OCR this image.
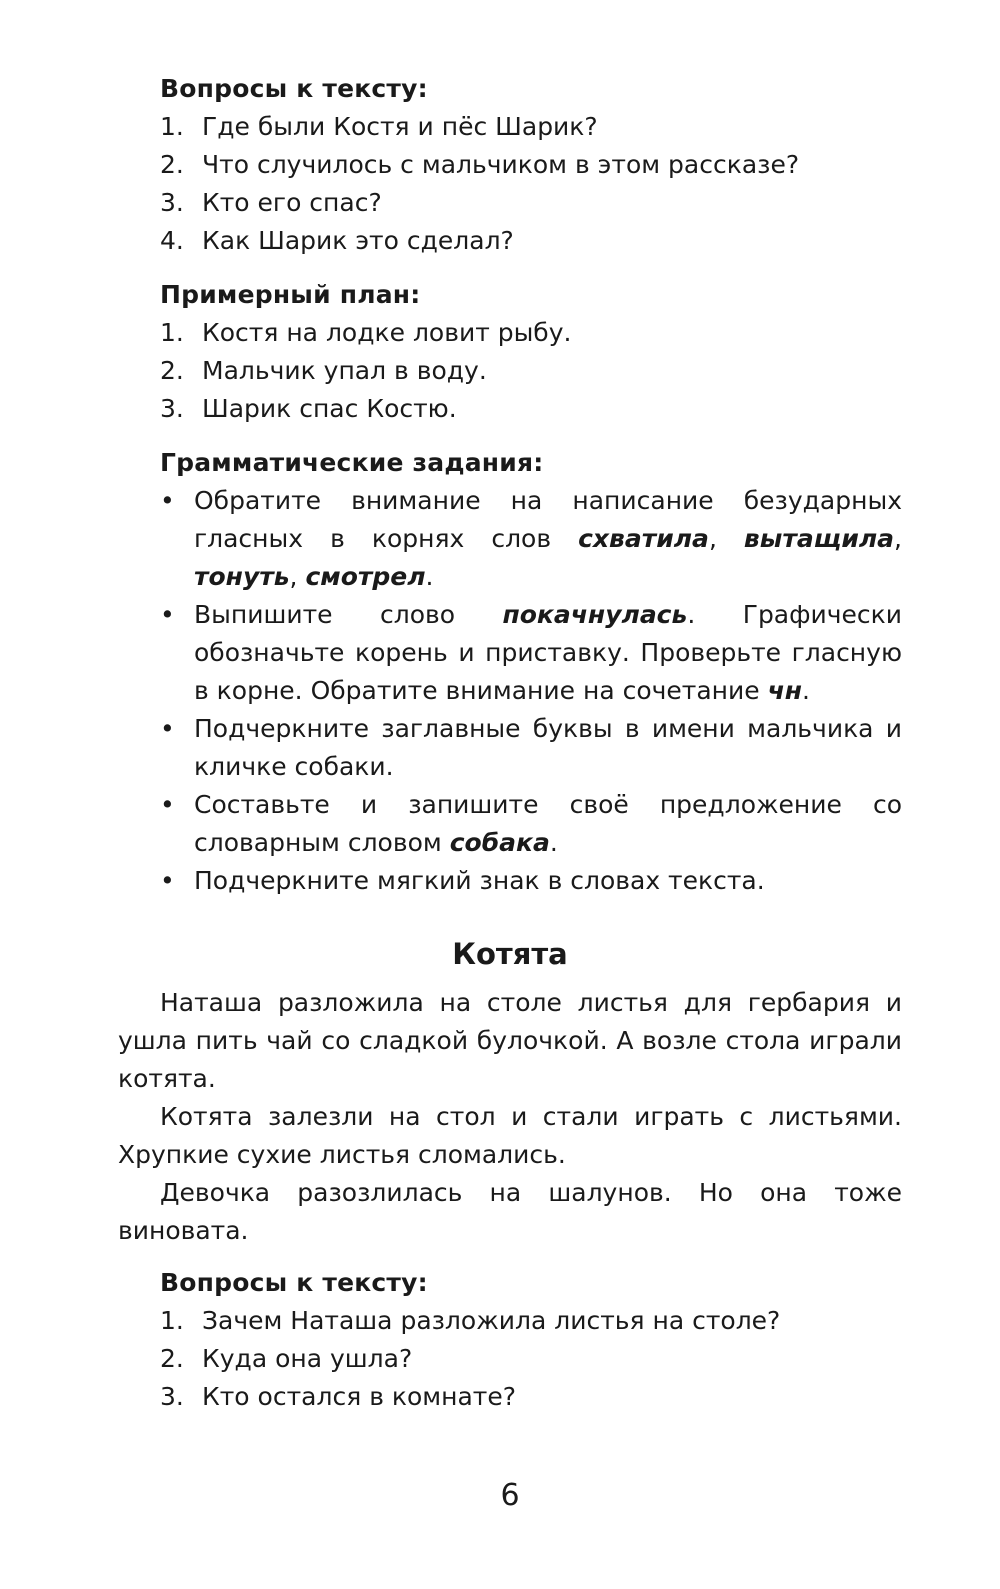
Вопросы к тексту:
1. Где были Костя и пёс Шарик?
2. Что случилось с мальчиком в этом рассказе?
3. Кто его спас?
4. Как Шарик это сделал?
Примерный план:
1. Костя на лодке ловит рыбу.
2. Мальчик упал в воду.
3. Шарик спас Костю.
Грамматические задания:
• Обратите внимание на написание безударных гласных в корнях слов схватила, вытащила, тонуть, смотрел.
• Выпишите слово покачнулась. Графически обозначьте корень и приставку. Проверьте гласную в корне. Обратите внимание на сочетание чн.
• Подчеркните заглавные буквы в имени мальчика и кличке собаки.
• Составьте и запишите своё предложение со словарным словом собака.
• Подчеркните мягкий знак в словах текста.
Котята

Наташа разложила на столе листья для гербария и ушла пить чай со сладкой булочкой. А возле стола играли котята.

Котята залезли на стол и стали играть с листьями. Хрупкие сухие листья сломались.

Девочка разозлилась на шалунов. Но она тоже виновата.

Вопросы к тексту:
1. Зачем Наташа разложила листья на столе?
2. Куда она ушла?
3. Кто остался в комнате?
6
